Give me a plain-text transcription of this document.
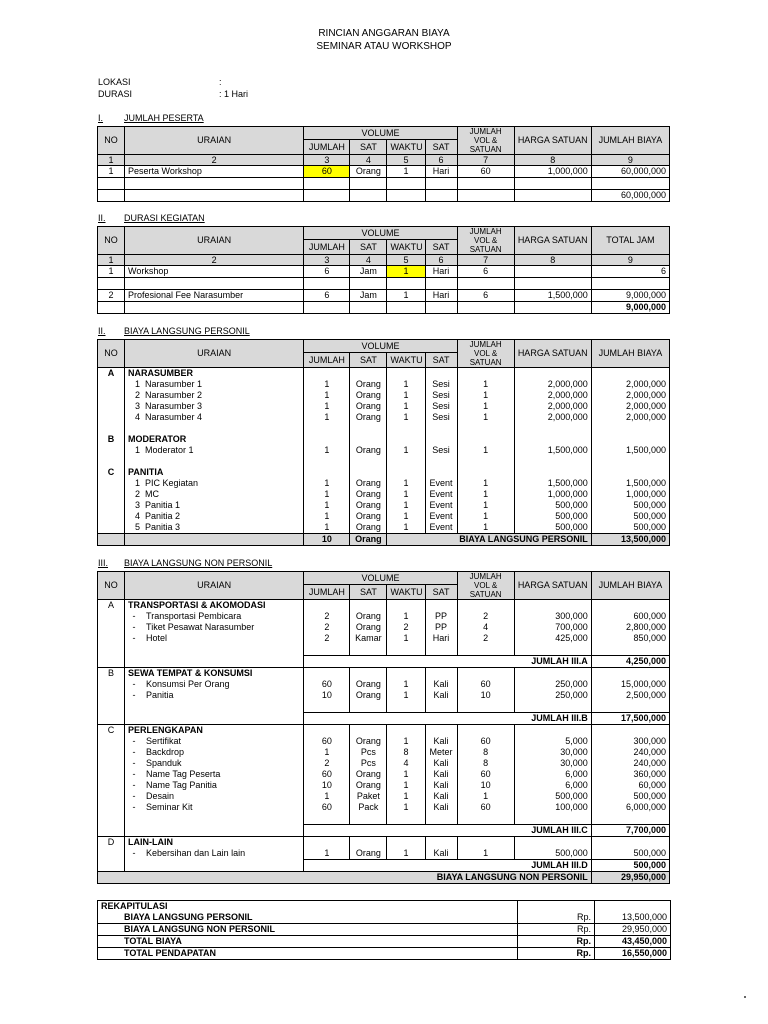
RINCIAN ANGGARAN BIAYA
SEMINAR ATAU WORKSHOP
LOKASI	:
DURASI	: 1 Hari
I. JUMLAH PESERTA
NO	URAIAN	VOLUME				JUMLAH VOL & SATUAN	HARGA SATUAN	JUMLAH BIAYA
		JUMLAH	SAT	WAKTU	SAT			
1	2	3	4	5	6	7	8	9
1	Peserta Workshop	60	Orang	1	Hari	60	1,000,000	60,000,000

								60,000,000
II. DURASI KEGIATAN
NO	URAIAN	VOLUME				JUMLAH VOL & SATUAN	HARGA SATUAN	TOTAL JAM
		JUMLAH	SAT	WAKTU	SAT			
1	2	3	4	5	6	7	8	9
1	Workshop	6	Jam	1	Hari	6		6

2	Profesional Fee Narasumber	6	Jam	1	Hari	6	1,500,000	9,000,000
								9,000,000
II. BIAYA LANGSUNG PERSONIL
NO	URAIAN	VOLUME				JUMLAH VOL & SATUAN	HARGA SATUAN	JUMLAH BIAYA
		JUMLAH	SAT	WAKTU	SAT			
A	NARASUMBER							
	1 Narasumber 1	1	Orang	1	Sesi	1	2,000,000	2,000,000
	2 Narasumber 2	1	Orang	1	Sesi	1	2,000,000	2,000,000
	3 Narasumber 3	1	Orang	1	Sesi	1	2,000,000	2,000,000
	4 Narasumber 4	1	Orang	1	Sesi	1	2,000,000	2,000,000

B	MODERATOR							
	1 Moderator 1	1	Orang	1	Sesi	1	1,500,000	1,500,000

C	PANITIA							
	1 PIC Kegiatan	1	Orang	1	Event	1	1,500,000	1,500,000
	2 MC	1	Orang	1	Event	1	1,000,000	1,000,000
	3 Panitia 1	1	Orang	1	Event	1	500,000	500,000
	4 Panitia 2	1	Orang	1	Event	1	500,000	500,000
	5 Panitia 3	1	Orang	1	Event	1	500,000	500,000
		10	Orang	BIAYA LANGSUNG PERSONIL				13,500,000
III. BIAYA LANGSUNG NON PERSONIL
NO	URAIAN	VOLUME				JUMLAH VOL & SATUAN	HARGA SATUAN	JUMLAH BIAYA
		JUMLAH	SAT	WAKTU	SAT			
A	TRANSPORTASI & AKOMODASI							
	- Transportasi Pembicara	2	Orang	1	PP	2	300,000	600,000
	- Tiket Pesawat Narasumber	2	Orang	2	PP	4	700,000	2,800,000
	- Hotel	2	Kamar	1	Hari	2	425,000	850,000

		JUMLAH III.A						4,250,000
B	SEWA TEMPAT & KONSUMSI							
	- Konsumsi Per Orang	60	Orang	1	Kali	60	250,000	15,000,000
	- Panitia	10	Orang	1	Kali	10	250,000	2,500,000

		JUMLAH III.B						17,500,000
C	PERLENGKAPAN							
	- Sertifikat	60	Orang	1	Kali	60	5,000	300,000
	- Backdrop	1	Pcs	8	Meter	8	30,000	240,000
	- Spanduk	2	Pcs	4	Kali	8	30,000	240,000
	- Name Tag Peserta	60	Orang	1	Kali	60	6,000	360,000
	- Name Tag Panitia	10	Orang	1	Kali	10	6,000	60,000
	- Desain	1	Paket	1	Kali	1	500,000	500,000
	- Seminar Kit	60	Pack	1	Kali	60	100,000	6,000,000

		JUMLAH III.C						7,700,000
D	LAIN-LAIN							
	- Kebersihan dan Lain lain	1	Orang	1	Kali	1	500,000	500,000
		JUMLAH III.D						500,000
BIAYA LANGSUNG NON PERSONIL								29,950,000
REKAPITULASI		
BIAYA LANGSUNG PERSONIL	Rp.	13,500,000
BIAYA LANGSUNG NON PERSONIL	Rp.	29,950,000
TOTAL BIAYA	Rp.	43,450,000
TOTAL PENDAPATAN	Rp.	16,550,000
